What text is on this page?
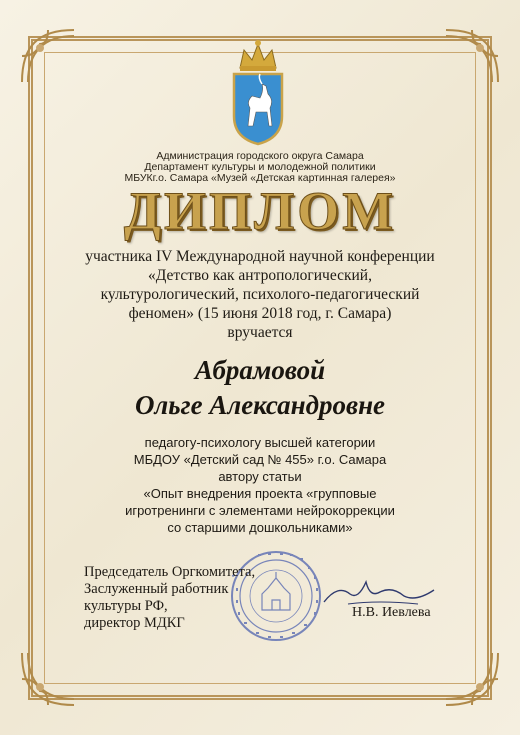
Администрация городского округа Самара
Департамент культуры и молодежной политики
МБУКг.о. Самара «Музей «Детская картинная галерея»
ДИПЛОМ
участника IV Международной научной конференции
«Детство как антропологический,
культурологический, психолого-педагогический
феномен» (15 июня 2018 год, г. Самара)
вручается
Абрамовой
Ольге Александровне
педагогу-психологу высшей категории
МБДОУ «Детский сад № 455» г.о. Самара
автору статьи
«Опыт внедрения проекта «групповые
игротренинги с элементами нейрокоррекции
со старшими дошкольниками»
Председатель Оргкомитета,
Заслуженный работник
культуры РФ,
директор МДКГ
Н.В. Иевлева
